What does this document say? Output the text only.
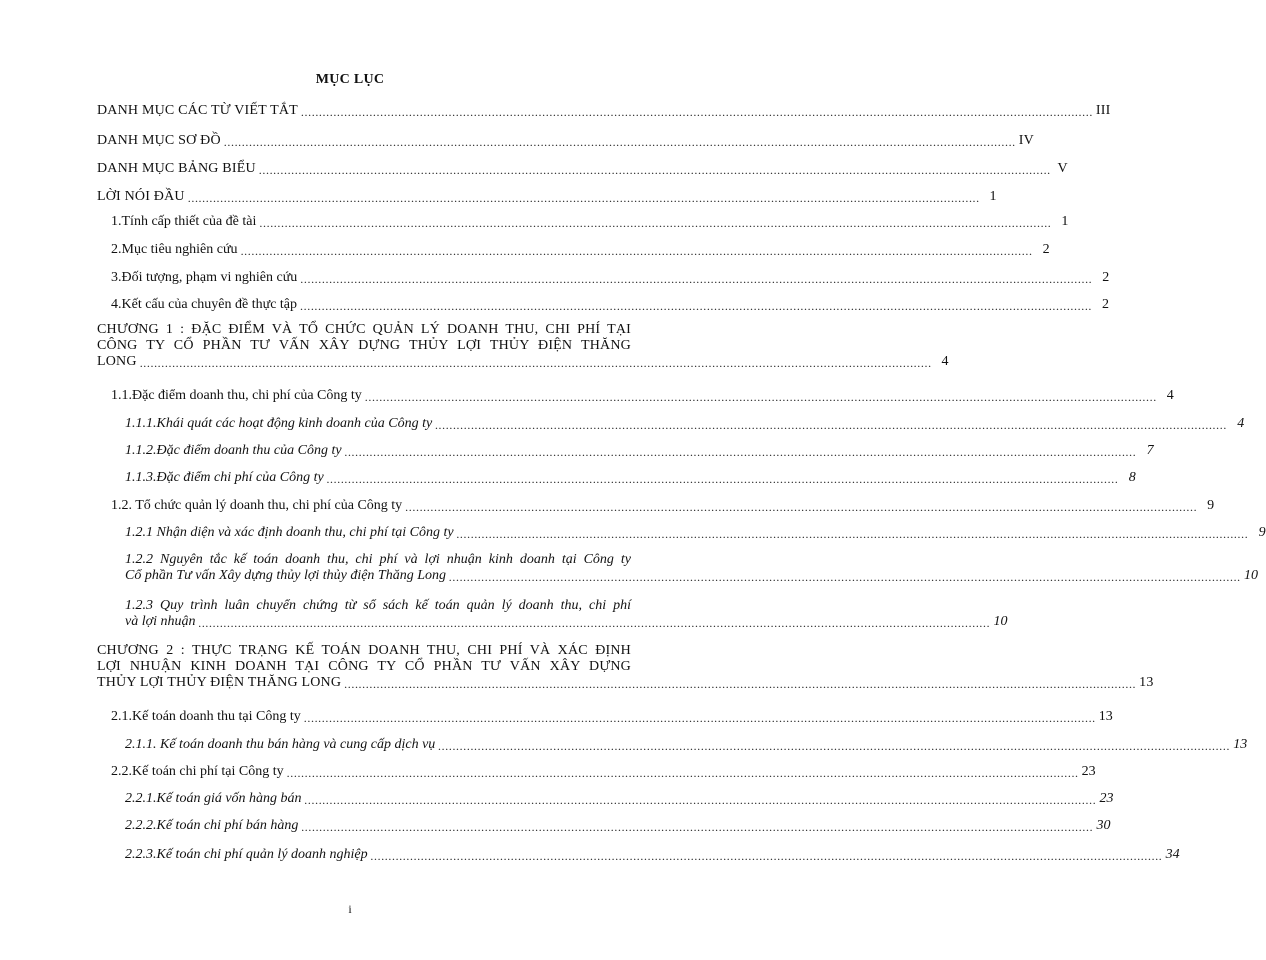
MỤC LỤC
DANH MỤC CÁC TỪ VIẾT TẮT ............................................................................................................................................................................................................................ III
DANH MỤC SƠ ĐỒ ............................................................................................................................................................................................................................ IV
DANH MỤC BẢNG BIỂU ............................................................................................................................................................................................................................ V
LỜI NÓI ĐẦU ............................................................................................................................................................................................................................ 1
1.Tính cấp thiết của đề tài ............................................................................................................................................................................................................................ 1
2.Mục tiêu nghiên cứu ............................................................................................................................................................................................................................ 2
3.Đối tượng, phạm vi nghiên cứu ............................................................................................................................................................................................................................ 2
4.Kết cấu của chuyên đề thực tập ............................................................................................................................................................................................................................ 2
CHƯƠNG 1 : ĐẶC ĐIỂM VÀ TỔ CHỨC QUẢN LÝ DOANH THU, CHI PHÍ TẠI
CÔNG TY CỔ PHẦN TƯ VẤN XÂY DỰNG THỦY LỢI THỦY ĐIỆN THĂNG
LONG ............................................................................................................................................................................................................................ 4
1.1.Đặc điểm doanh thu, chi phí của Công ty ............................................................................................................................................................................................................................ 4
1.1.1.Khái quát các hoạt động kinh doanh của Công ty ............................................................................................................................................................................................................................ 4
1.1.2.Đặc điểm doanh thu của Công ty ............................................................................................................................................................................................................................ 7
1.1.3.Đặc điểm chi phí của Công ty ............................................................................................................................................................................................................................ 8
1.2. Tổ chức quản lý doanh thu, chi phí của Công ty ............................................................................................................................................................................................................................ 9
1.2.1 Nhận diện và xác định doanh thu, chi phí tại Công ty ............................................................................................................................................................................................................................ 9
1.2.2 Nguyên tắc kế toán doanh thu, chi phí và lợi nhuận kinh doanh tại Công ty
Cổ phần Tư vấn Xây dựng thủy lợi thủy điện Thăng Long ............................................................................................................................................................................................................................ 10
1.2.3 Quy trình luân chuyển chứng từ sổ sách kế toán quản lý doanh thu, chi phí
và lợi nhuận ............................................................................................................................................................................................................................ 10
CHƯƠNG 2 : THỰC TRẠNG KẾ TOÁN DOANH THU, CHI PHÍ VÀ XÁC ĐỊNH
LỢI NHUẬN KINH DOANH TẠI CÔNG TY CỔ PHẦN TƯ VẤN XÂY DỰNG
THỦY LỢI THỦY ĐIỆN THĂNG LONG ............................................................................................................................................................................................................................ 13
2.1.Kế toán doanh thu tại Công ty ............................................................................................................................................................................................................................ 13
2.1.1. Kế toán doanh thu bán hàng và cung cấp dịch vụ ............................................................................................................................................................................................................................ 13
2.2.Kế toán chi phí tại Công ty ............................................................................................................................................................................................................................ 23
2.2.1.Kế toán giá vốn hàng bán ............................................................................................................................................................................................................................ 23
2.2.2.Kế toán chi phí bán hàng ............................................................................................................................................................................................................................ 30
2.2.3.Kế toán chi phí quản lý doanh nghiệp ............................................................................................................................................................................................................................ 34
i
